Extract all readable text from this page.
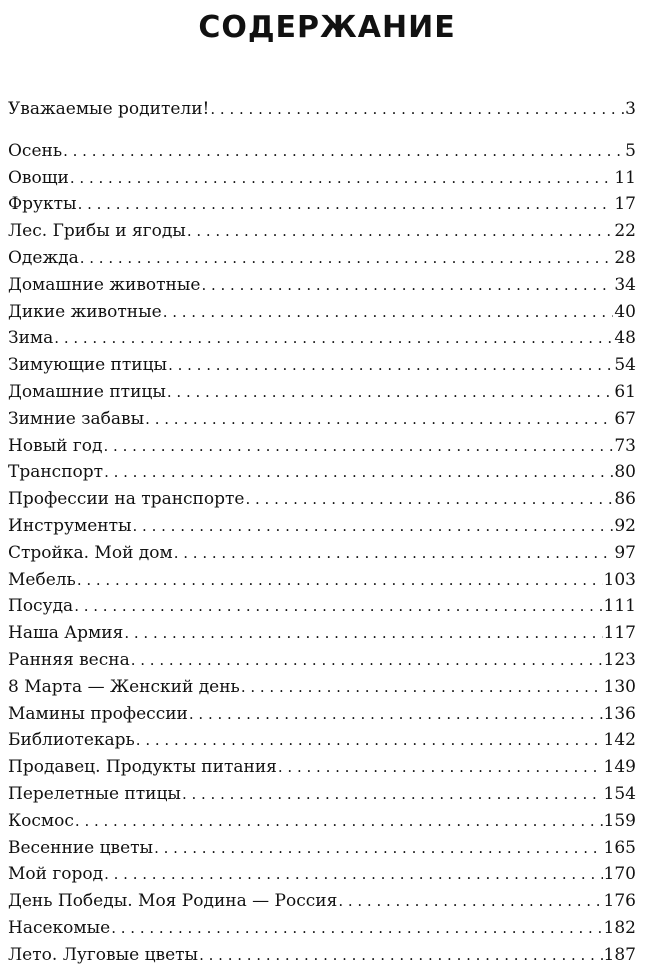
СОДЕРЖАНИЕ
Уважаемые родители! . . .	3
Осень . . .	5
Овощи . . .	11
Фрукты . . .	17
Лес. Грибы и ягоды . . .	22
Одежда . . .	28
Домашние животные . . .	34
Дикие животные . . .	40
Зима . . .	48
Зимующие птицы . . .	54
Домашние птицы . . .	61
Зимние забавы . . .	67
Новый год . . .	73
Транспорт . . .	80
Профессии на транспорте . . .	86
Инструменты . . .	92
Стройка. Мой дом . . .	97
Мебель . . .	103
Посуда . . .	111
Наша Армия . . .	117
Ранняя весна . . .	123
8 Марта — Женский день . . .	130
Мамины профессии . . .	136
Библиотекарь . . .	142
Продавец. Продукты питания . . .	149
Перелетные птицы . . .	154
Космос . . .	159
Весенние цветы . . .	165
Мой город . . .	170
День Победы. Моя Родина — Россия . . .	176
Насекомые . . .	182
Лето. Луговые цветы . . .	187
